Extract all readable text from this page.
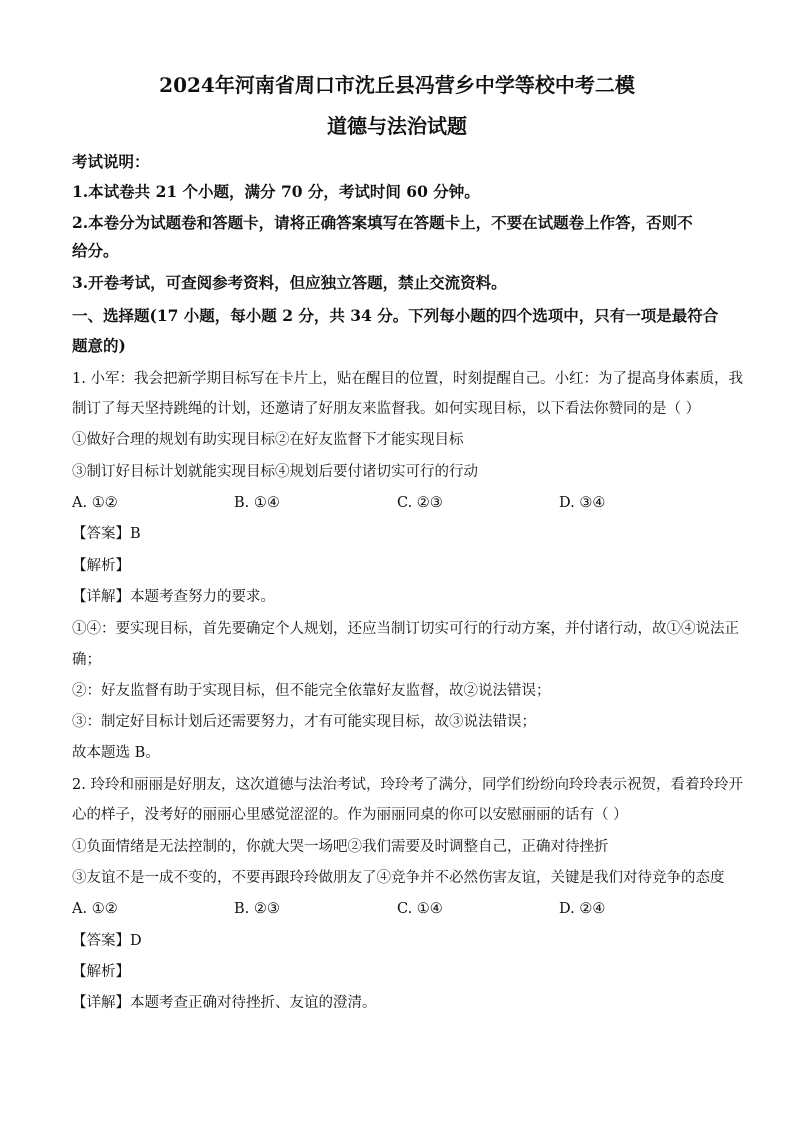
2024年河南省周口市沈丘县冯营乡中学等校中考二模
道德与法治试题
考试说明：
1.本试卷共 21 个小题，满分 70 分，考试时间 60 分钟。
2.本卷分为试题卷和答题卡，请将正确答案填写在答题卡上，不要在试题卷上作答，否则不
给分。
3.开卷考试，可查阅参考资料，但应独立答题，禁止交流资料。
一、选择题(17 小题，每小题 2 分，共 34 分。下列每小题的四个选项中，只有一项是最符合
题意的)
1. 小军：我会把新学期目标写在卡片上，贴在醒目的位置，时刻提醒自己。小红：为了提高身体素质，我
制订了每天坚持跳绳的计划，还邀请了好朋友来监督我。如何实现目标，以下看法你赞同的是（ ）
①做好合理的规划有助实现目标②在好友监督下才能实现目标
③制订好目标计划就能实现目标④规划后要付诸切实可行的行动
A. ①②	B. ①④	C. ②③	D. ③④
【答案】B
【解析】
【详解】本题考查努力的要求。
①④：要实现目标，首先要确定个人规划，还应当制订切实可行的行动方案，并付诸行动，故①④说法正
确；
②：好友监督有助于实现目标，但不能完全依靠好友监督，故②说法错误；
③：制定好目标计划后还需要努力，才有可能实现目标，故③说法错误；
故本题选 B。
2. 玲玲和丽丽是好朋友，这次道德与法治考试，玲玲考了满分，同学们纷纷向玲玲表示祝贺，看着玲玲开
心的样子，没考好的丽丽心里感觉涩涩的。作为丽丽同桌的你可以安慰丽丽的话有（ ）
①负面情绪是无法控制的，你就大哭一场吧②我们需要及时调整自己，正确对待挫折
③友谊不是一成不变的，不要再跟玲玲做朋友了④竞争并不必然伤害友谊，关键是我们对待竞争的态度
A. ①②	B. ②③	C. ①④	D. ②④
【答案】D
【解析】
【详解】本题考查正确对待挫折、友谊的澄清。
